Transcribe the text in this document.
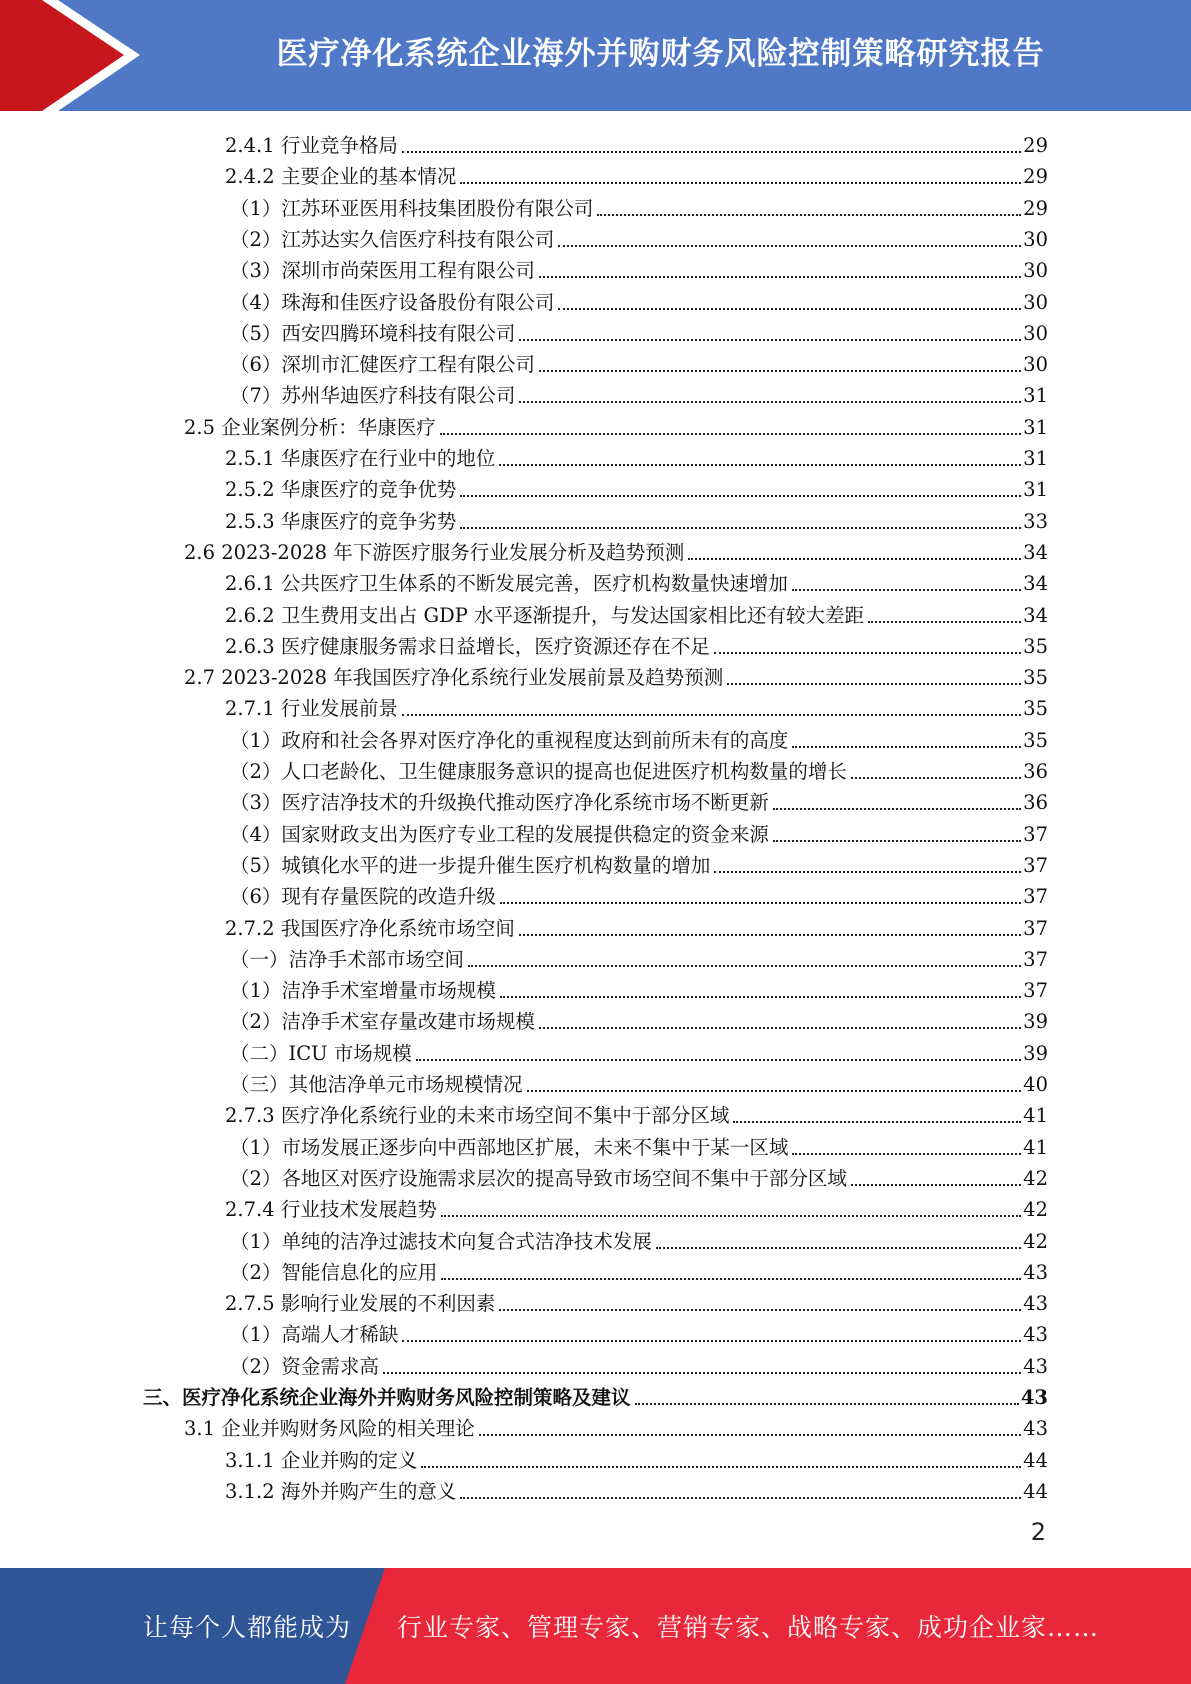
医疗净化系统企业海外并购财务风险控制策略研究报告
2.4.1 行业竞争格局	29
2.4.2 主要企业的基本情况	29
（1）江苏环亚医用科技集团股份有限公司	29
（2）江苏达实久信医疗科技有限公司	30
（3）深圳市尚荣医用工程有限公司	30
（4）珠海和佳医疗设备股份有限公司	30
（5）西安四腾环境科技有限公司	30
（6）深圳市汇健医疗工程有限公司	30
（7）苏州华迪医疗科技有限公司	31
2.5 企业案例分析：华康医疗	31
2.5.1 华康医疗在行业中的地位	31
2.5.2 华康医疗的竞争优势	31
2.5.3 华康医疗的竞争劣势	33
2.6 2023-2028 年下游医疗服务行业发展分析及趋势预测	34
2.6.1 公共医疗卫生体系的不断发展完善，医疗机构数量快速增加	34
2.6.2 卫生费用支出占 GDP 水平逐渐提升，与发达国家相比还有较大差距	34
2.6.3 医疗健康服务需求日益增长，医疗资源还存在不足	35
2.7 2023-2028 年我国医疗净化系统行业发展前景及趋势预测	35
2.7.1 行业发展前景	35
（1）政府和社会各界对医疗净化的重视程度达到前所未有的高度	35
（2）人口老龄化、卫生健康服务意识的提高也促进医疗机构数量的增长	36
（3）医疗洁净技术的升级换代推动医疗净化系统市场不断更新	36
（4）国家财政支出为医疗专业工程的发展提供稳定的资金来源	37
（5）城镇化水平的进一步提升催生医疗机构数量的增加	37
（6）现有存量医院的改造升级	37
2.7.2 我国医疗净化系统市场空间	37
（一）洁净手术部市场空间	37
（1）洁净手术室增量市场规模	37
（2）洁净手术室存量改建市场规模	39
（二）ICU 市场规模	39
（三）其他洁净单元市场规模情况	40
2.7.3 医疗净化系统行业的未来市场空间不集中于部分区域	41
（1）市场发展正逐步向中西部地区扩展，未来不集中于某一区域	41
（2）各地区对医疗设施需求层次的提高导致市场空间不集中于部分区域	42
2.7.4 行业技术发展趋势	42
（1）单纯的洁净过滤技术向复合式洁净技术发展	42
（2）智能信息化的应用	43
2.7.5 影响行业发展的不利因素	43
（1）高端人才稀缺	43
（2）资金需求高	43
三、医疗净化系统企业海外并购财务风险控制策略及建议	43
3.1 企业并购财务风险的相关理论	43
3.1.1 企业并购的定义	44
3.1.2 海外并购产生的意义	44
2
让每个人都能成为 行业专家、管理专家、营销专家、战略专家、成功企业家……
